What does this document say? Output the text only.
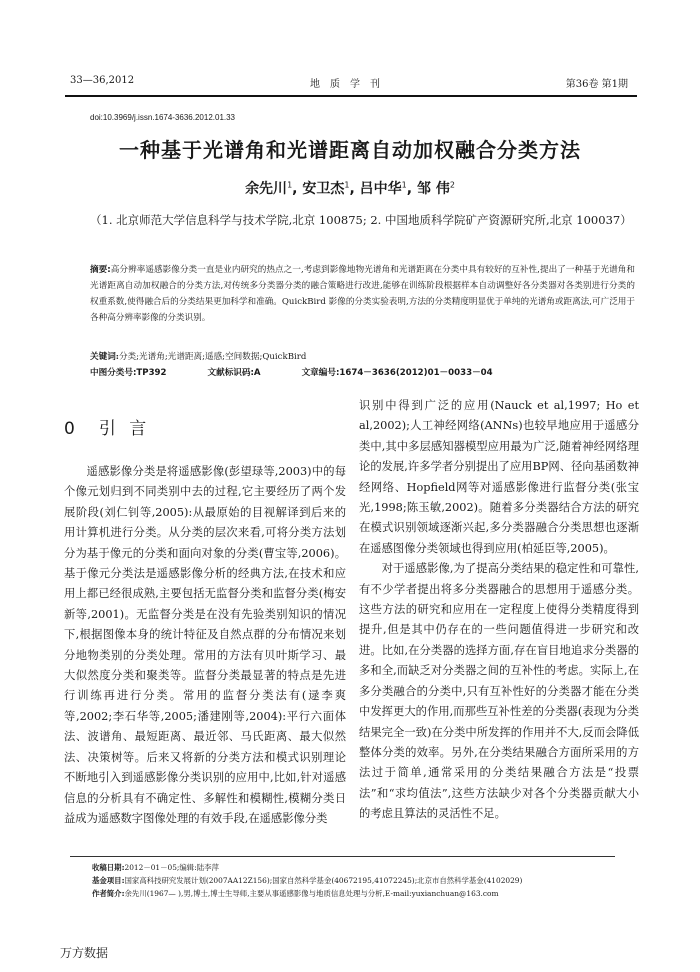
33—36,2012	地质学刊	第36卷 第1期
doi:10.3969/j.issn.1674-3636.2012.01.33
一种基于光谱角和光谱距离自动加权融合分类方法
余先川$^1$, 安卫杰$^1$, 吕中华$^1$, 邹 伟$^2$
（1. 北京师范大学信息科学与技术学院,北京 100875; 2. 中国地质科学院矿产资源研究所,北京 100037）
摘要:高分辨率遥感影像分类一直是业内研究的热点之一,考虑到影像地物光谱角和光谱距离在分类中具有较好的互补性,提出了一种基于光谱角和光谱距离自动加权融合的分类方法,对传统多分类器分类的融合策略进行改进,能够在训练阶段根据样本自动调整好各分类器对各类别进行分类的权重系数,使得融合后的分类结果更加科学和准确。QuickBird 影像的分类实验表明,方法的分类精度明显优于单纯的光谱角或距离法,可广泛用于各种高分辨率影像的分类识别。
关键词:分类;光谱角;光谱距离;遥感;空间数据;QuickBird
中图分类号:TP392	文献标识码:A	文章编号:1674－3636(2012)01－0033－04
0 引 言

遥感影像分类是将遥感影像(彭望琭等,2003)中的每个像元划归到不同类别中去的过程,它主要经历了两个发展阶段(刘仁钊等,2005):从最原始的目视解译到后来的用计算机进行分类。从分类的层次来看,可将分类方法划分为基于像元的分类和面向对象的分类(曹宝等,2006)。基于像元分类法是遥感影像分析的经典方法,在技术和应用上都已经很成熟,主要包括无监督分类和监督分类(梅安新等,2001)。无监督分类是在没有先验类别知识的情况下,根据图像本身的统计特征及自然点群的分布情况来划分地物类别的分类处理。常用的方法有贝叶斯学习、最大似然度分类和聚类等。监督分类最显著的特点是先进行训练再进行分类。常用的监督分类法有(逯李爽等,2002;李石华等,2005;潘建刚等,2004):平行六面体法、波谱角、最短距离、最近邻、马氏距离、最大似然法、决策树等。后来又将新的分类方法和模式识别理论不断地引入到遥感影像分类识别的应用中,比如,针对遥感信息的分析具有不确定性、多解性和模糊性,模糊分类日益成为遥感数字图像处理的有效手段,在遥感影像分类

识别中得到广泛的应用(Nauck et al,1997; Ho et al,2002);人工神经网络(ANNs)也较早地应用于遥感分类中,其中多层感知器模型应用最为广泛,随着神经网络理论的发展,许多学者分别提出了应用BP网、径向基函数神经网络、Hopfield网等对遥感影像进行监督分类(张宝光,1998;陈玉敏,2002)。随着多分类器结合方法的研究在模式识别领域逐渐兴起,多分类器融合分类思想也逐渐在遥感图像分类领域也得到应用(柏延臣等,2005)。

对于遥感影像,为了提高分类结果的稳定性和可靠性,有不少学者提出将多分类器融合的思想用于遥感分类。这些方法的研究和应用在一定程度上使得分类精度得到提升,但是其中仍存在的一些问题值得进一步研究和改进。比如,在分类器的选择方面,存在盲目地追求分类器的多和全,而缺乏对分类器之间的互补性的考虑。实际上,在多分类融合的分类中,只有互补性好的分类器才能在分类中发挥更大的作用,而那些互补性差的分类器(表现为分类结果完全一致)在分类中所发挥的作用并不大,反而会降低整体分类的效率。另外,在分类结果融合方面所采用的方法过于简单,通常采用的分类结果融合方法是“投票法”和“求均值法”,这些方法缺少对各个分类器贡献大小的考虑且算法的灵活性不足。

收稿日期:2012－01－05;编辑:陆李萍
基金项目:国家高科技研究发展计划(2007AA12Z156);国家自然科学基金(40672195,41072245);北京市自然科学基金(4102029)
作者简介:余先川(1967— ),男,博士,博士生导师,主要从事遥感影像与地质信息处理与分析,E-mail:yuxianchuan@163.com
万方数据
